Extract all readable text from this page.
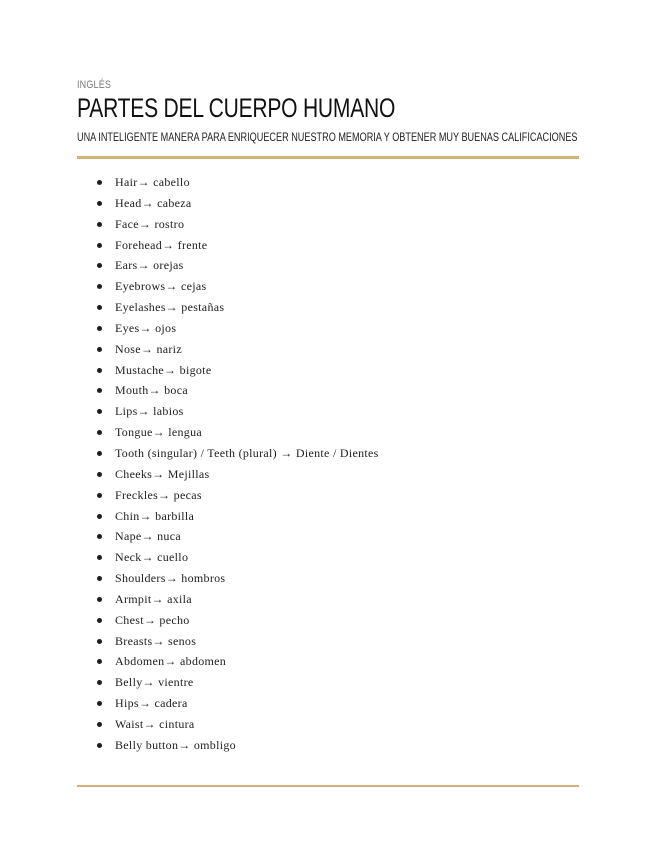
INGLÉS
PARTES DEL CUERPO HUMANO

UNA INTELIGENTE MANERA PARA ENRIQUECER NUESTRO MEMORIA Y OBTENER MUY BUENAS CALIFICACIONES

Hair→ cabello
Head→ cabeza
Face→ rostro
Forehead→ frente
Ears→ orejas
Eyebrows→ cejas
Eyelashes→ pestañas
Eyes→ ojos
Nose→ nariz
Mustache→ bigote
Mouth→ boca
Lips→ labios
Tongue→ lengua
Tooth (singular) / Teeth (plural) → Diente / Dientes
Cheeks→ Mejillas
Freckles→ pecas
Chin→ barbilla
Nape→ nuca
Neck→ cuello
Shoulders→ hombros
Armpit→ axila
Chest→ pecho
Breasts→ senos
Abdomen→ abdomen
Belly→ vientre
Hips→ cadera
Waist→ cintura
Belly button→ ombligo
